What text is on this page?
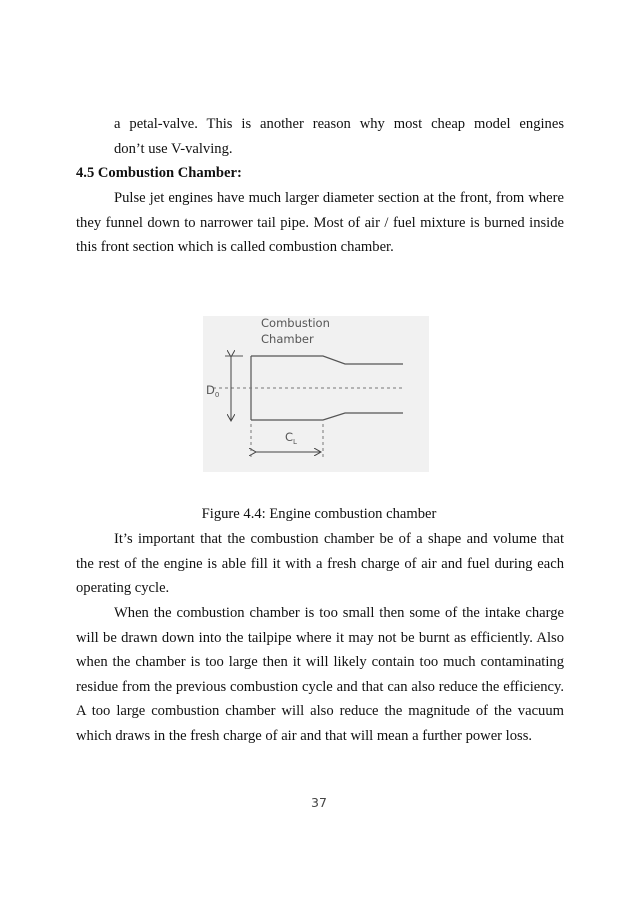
a petal-valve. This is another reason why most cheap model engines
don’t use V-valving.
4.5 Combustion Chamber:

Pulse jet engines have much larger diameter section at the front, from where they funnel down to narrower tail pipe. Most of air / fuel mixture is burned inside this front section which is called combustion chamber.

Combustion
Chamber
$D_0$
$C_L$
Figure 4.4: Engine combustion chamber

It’s important that the combustion chamber be of a shape and volume that the rest of the engine is able fill it with a fresh charge of air and fuel during each operating cycle.

When the combustion chamber is too small then some of the intake charge will be drawn down into the tailpipe where it may not be burnt as efficiently. Also when the chamber is too large then it will likely contain too much contaminating residue from the previous combustion cycle and that can also reduce the efficiency. A too large combustion chamber will also reduce the magnitude of the vacuum which draws in the fresh charge of air and that will mean a further power loss.

37
